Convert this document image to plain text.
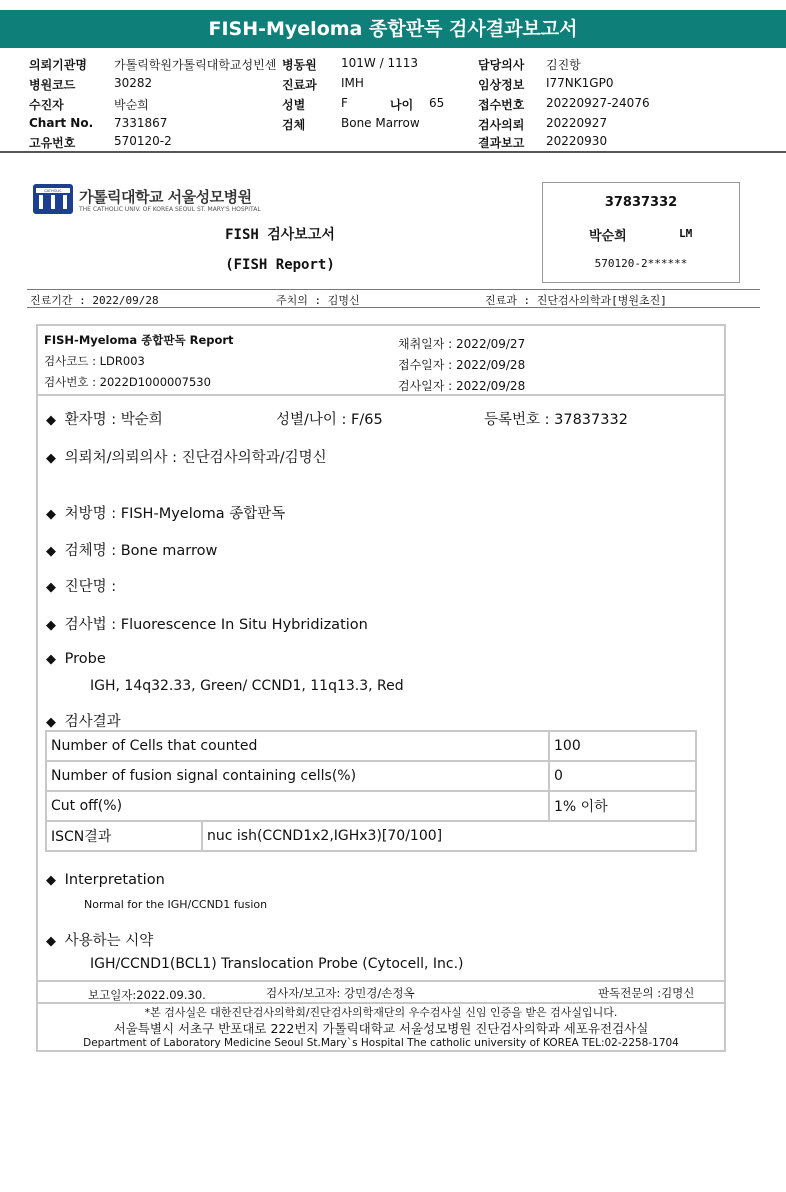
FISH-Myeloma 종합판독 검사결과보고서
의뢰기관명 가톨릭학원가톨릭대학교성빈센 병동원 101W / 1113	담당의사 김진항
병원코드	30282	진료과 IMH	임상정보 I77NK1GP0
수진자	박순희	성별	F	나이 65	접수번호 20220927-24076
Chart No. 7331867	검체	Bone Marrow	검사의뢰 20220927
고유번호	570120-2	결과보고 20220930
CATHOLIC 가톨릭대학교 서울성모병원
THE CATHOLIC UNIV. OF KOREA SEOUL ST. MARY'S HOSPITAL
FISH 검사보고서
(FISH Report)
37837332
박순희	LM
570120-2******
진료기간 : 2022/09/28	주치의 : 김명신	진료과 : 진단검사의학과[병원초진]
FISH-Myeloma 종합판독 Report
검사코드 : LDR003
검사번호 : 2022D1000007530
채취일자 : 2022/09/27
접수일자 : 2022/09/28
검사일자 : 2022/09/28
◆ 환자명 : 박순희	성별/나이 : F/65	등록번호 : 37837332
◆ 의뢰처/의뢰의사 : 진단검사의학과/김명신
◆ 처방명 : FISH-Myeloma 종합판독
◆ 검체명 : Bone marrow
◆ 진단명 :
◆ 검사법 : Fluorescence In Situ Hybridization
◆ Probe
IGH, 14q32.33, Green/ CCND1, 11q13.3, Red
◆ 검사결과
Number of Cells that counted		100
Number of fusion signal containing cells(%)		0
Cut off(%)		1% 이하
ISCN결과	nuc ish(CCND1x2,IGHx3)[70/100]	
◆ Interpretation
Normal for the IGH/CCND1 fusion
◆ 사용하는 시약
IGH/CCND1(BCL1) Translocation Probe (Cytocell, Inc.)
보고일자:2022.09.30.	검사자/보고자: 강민경/손정옥	판독전문의 :김명신
*본 검사실은 대한진단검사의학회/진단검사의학재단의 우수검사실 신임 인증을 받은 검사실입니다.
서울특별시 서초구 반포대로 222번지 가톨릭대학교 서울성모병원 진단검사의학과 세포유전검사실
Department of Laboratory Medicine Seoul St.Mary`s Hospital The catholic university of KOREA TEL:02-2258-1704
